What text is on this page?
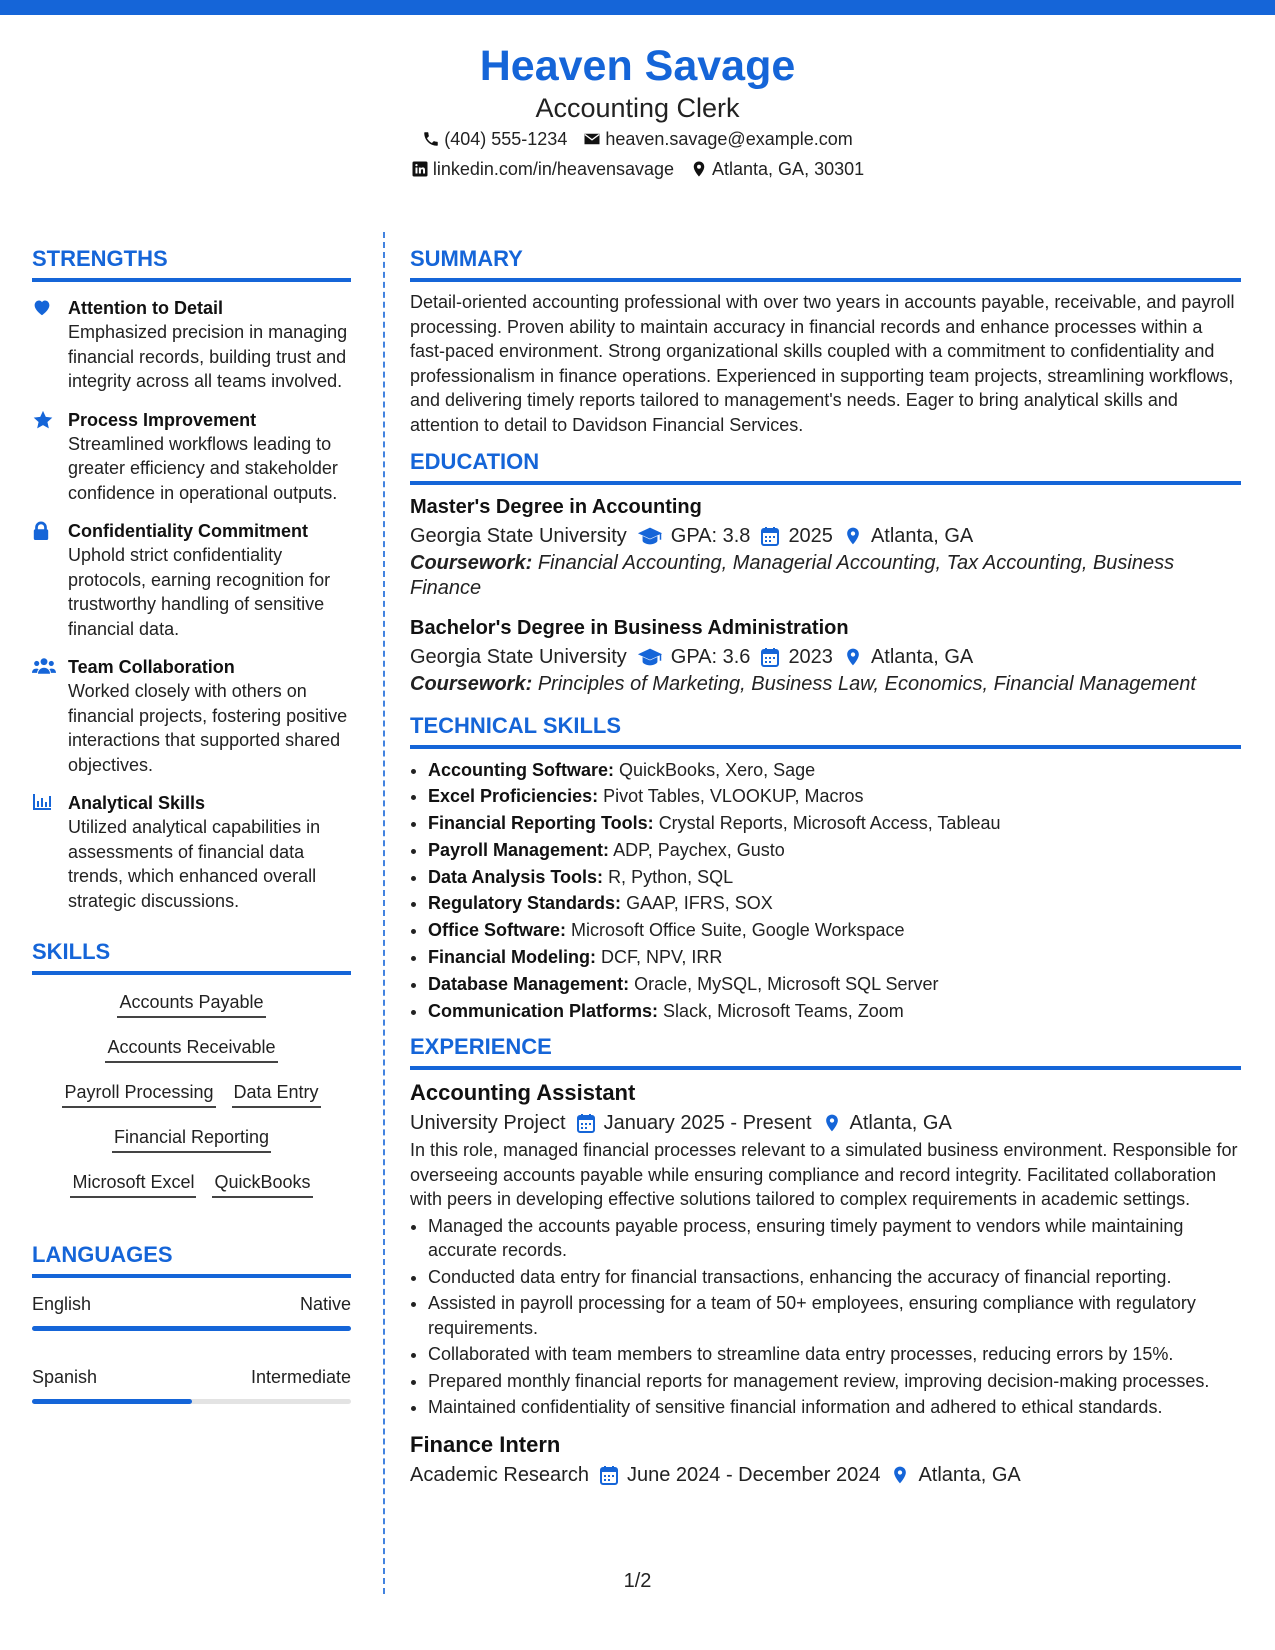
Heaven Savage
Accounting Clerk
(404) 555-1234 heaven.savage@example.com
linkedin.com/in/heavensavage Atlanta, GA, 30301
STRENGTHS
Attention to Detail
Emphasized precision in managing financial records, building trust and integrity across all teams involved.
Process Improvement
Streamlined workflows leading to greater efficiency and stakeholder confidence in operational outputs.
Confidentiality Commitment
Uphold strict confidentiality protocols, earning recognition for trustworthy handling of sensitive financial data.
Team Collaboration
Worked closely with others on financial projects, fostering positive interactions that supported shared objectives.
Analytical Skills
Utilized analytical capabilities in assessments of financial data trends, which enhanced overall strategic discussions.
SKILLS
Accounts Payable
Accounts Receivable
Payroll Processing Data Entry
Financial Reporting
Microsoft Excel QuickBooks
LANGUAGES
English	Native
Spanish	Intermediate
SUMMARY

Detail-oriented accounting professional with over two years in accounts payable, receivable, and payroll processing. Proven ability to maintain accuracy in financial records and enhance processes within a fast-paced environment. Strong organizational skills coupled with a commitment to confidentiality and professionalism in finance operations. Experienced in supporting team projects, streamlining workflows, and delivering timely reports tailored to management's needs. Eager to bring analytical skills and attention to detail to Davidson Financial Services.

EDUCATION
Master's Degree in Accounting
Georgia State University GPA: 3.8 2025 Atlanta, GA
Coursework: Financial Accounting, Managerial Accounting, Tax Accounting, Business Finance
Bachelor's Degree in Business Administration
Georgia State University GPA: 3.6 2023 Atlanta, GA
Coursework: Principles of Marketing, Business Law, Economics, Financial Management
TECHNICAL SKILLS
• Accounting Software: QuickBooks, Xero, Sage
• Excel Proficiencies: Pivot Tables, VLOOKUP, Macros
• Financial Reporting Tools: Crystal Reports, Microsoft Access, Tableau
• Payroll Management: ADP, Paychex, Gusto
• Data Analysis Tools: R, Python, SQL
• Regulatory Standards: GAAP, IFRS, SOX
• Office Software: Microsoft Office Suite, Google Workspace
• Financial Modeling: DCF, NPV, IRR
• Database Management: Oracle, MySQL, Microsoft SQL Server
• Communication Platforms: Slack, Microsoft Teams, Zoom
EXPERIENCE
Accounting Assistant
University Project January 2025 - Present Atlanta, GA

In this role, managed financial processes relevant to a simulated business environment. Responsible for overseeing accounts payable while ensuring compliance and record integrity. Facilitated collaboration with peers in developing effective solutions tailored to complex requirements in academic settings.

• Managed the accounts payable process, ensuring timely payment to vendors while maintaining accurate records.
• Conducted data entry for financial transactions, enhancing the accuracy of financial reporting.
• Assisted in payroll processing for a team of 50+ employees, ensuring compliance with regulatory requirements.
• Collaborated with team members to streamline data entry processes, reducing errors by 15%.
• Prepared monthly financial reports for management review, improving decision-making processes.
• Maintained confidentiality of sensitive financial information and adhered to ethical standards.
Finance Intern
Academic Research June 2024 - December 2024 Atlanta, GA
1/2
